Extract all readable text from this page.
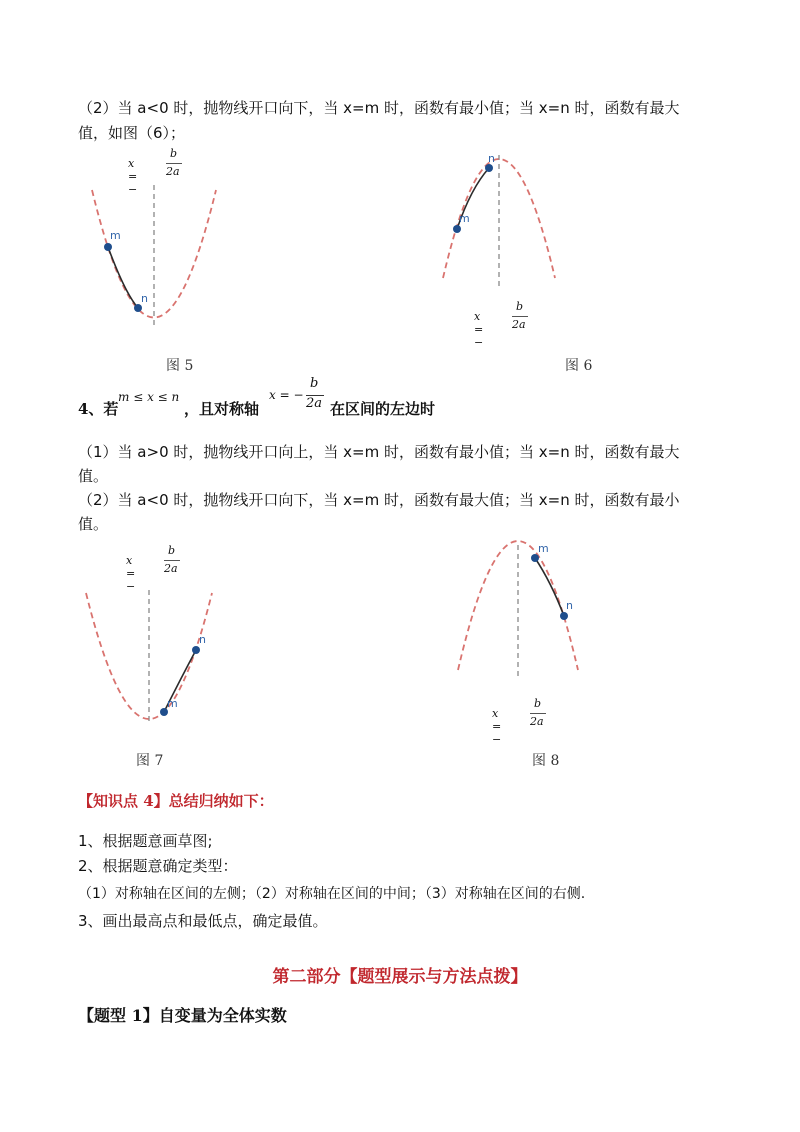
（2）当 a<0 时，抛物线开口向下，当 x=m 时，函数有最小值；当 x=n 时，函数有最大
值，如图（6）；
x = −
b
2a
m
n
m
n
x = −
b
2a
图 5	图 6
4、若
m ≤ x ≤ n
，且对称轴
x = −
b
2a 在区间的左边时
（1）当 a>0 时，抛物线开口向上，当 x=m 时，函数有最小值；当 x=n 时，函数有最大
值。
（2）当 a<0 时，抛物线开口向下，当 x=m 时，函数有最大值；当 x=n 时，函数有最小
值。
x = −
b
2a
m
n
m
n
x = −
b
2a
图 7	图 8
【知识点 4】总结归纳如下：
1、根据题意画草图;
2、根据题意确定类型：
（1）对称轴在区间的左侧；（2）对称轴在区间的中间；（3）对称轴在区间的右侧.
3、画出最高点和最低点，确定最值。
第二部分【题型展示与方法点拨】
【题型 1】自变量为全体实数
